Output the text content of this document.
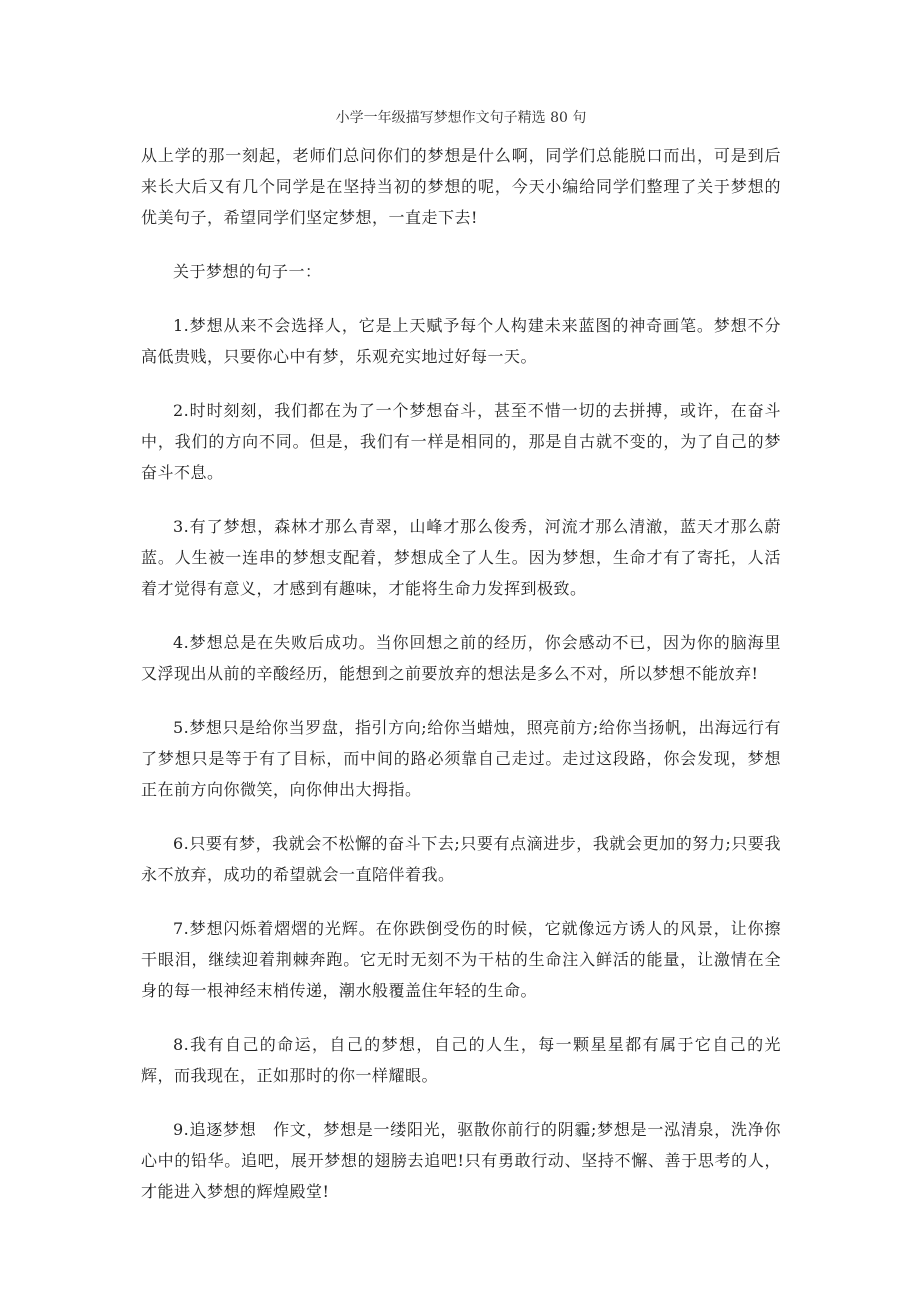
小学一年级描写梦想作文句子精选 80 句

从上学的那一刻起，老师们总问你们的梦想是什么啊，同学们总能脱口而出，可是到后来长大后又有几个同学是在坚持当初的梦想的呢，今天小编给同学们整理了关于梦想的优美句子，希望同学们坚定梦想，一直走下去!

关于梦想的句子一：

1.梦想从来不会选择人，它是上天赋予每个人构建未来蓝图的神奇画笔。梦想不分高低贵贱，只要你心中有梦，乐观充实地过好每一天。

2.时时刻刻，我们都在为了一个梦想奋斗，甚至不惜一切的去拼搏，或许，在奋斗中，我们的方向不同。但是，我们有一样是相同的，那是自古就不变的，为了自己的梦奋斗不息。

3.有了梦想，森林才那么青翠，山峰才那么俊秀，河流才那么清澈，蓝天才那么蔚蓝。人生被一连串的梦想支配着，梦想成全了人生。因为梦想，生命才有了寄托，人活着才觉得有意义，才感到有趣味，才能将生命力发挥到极致。

4.梦想总是在失败后成功。当你回想之前的经历，你会感动不已，因为你的脑海里又浮现出从前的辛酸经历，能想到之前要放弃的想法是多么不对，所以梦想不能放弃!

5.梦想只是给你当罗盘，指引方向;给你当蜡烛，照亮前方;给你当扬帆，出海远行有了梦想只是等于有了目标，而中间的路必须靠自己走过。走过这段路，你会发现，梦想正在前方向你微笑，向你伸出大拇指。

6.只要有梦，我就会不松懈的奋斗下去;只要有点滴进步，我就会更加的努力;只要我永不放弃，成功的希望就会一直陪伴着我。

7.梦想闪烁着熠熠的光辉。在你跌倒受伤的时候，它就像远方诱人的风景，让你擦干眼泪，继续迎着荆棘奔跑。它无时无刻不为干枯的生命注入鲜活的能量，让激情在全身的每一根神经末梢传递，潮水般覆盖住年轻的生命。

8.我有自己的命运，自己的梦想，自己的人生，每一颗星星都有属于它自己的光辉，而我现在，正如那时的你一样耀眼。

9.追逐梦想　作文，梦想是一缕阳光，驱散你前行的阴霾;梦想是一泓清泉，洗净你心中的铅华。追吧，展开梦想的翅膀去追吧!只有勇敢行动、坚持不懈、善于思考的人，才能进入梦想的辉煌殿堂!
